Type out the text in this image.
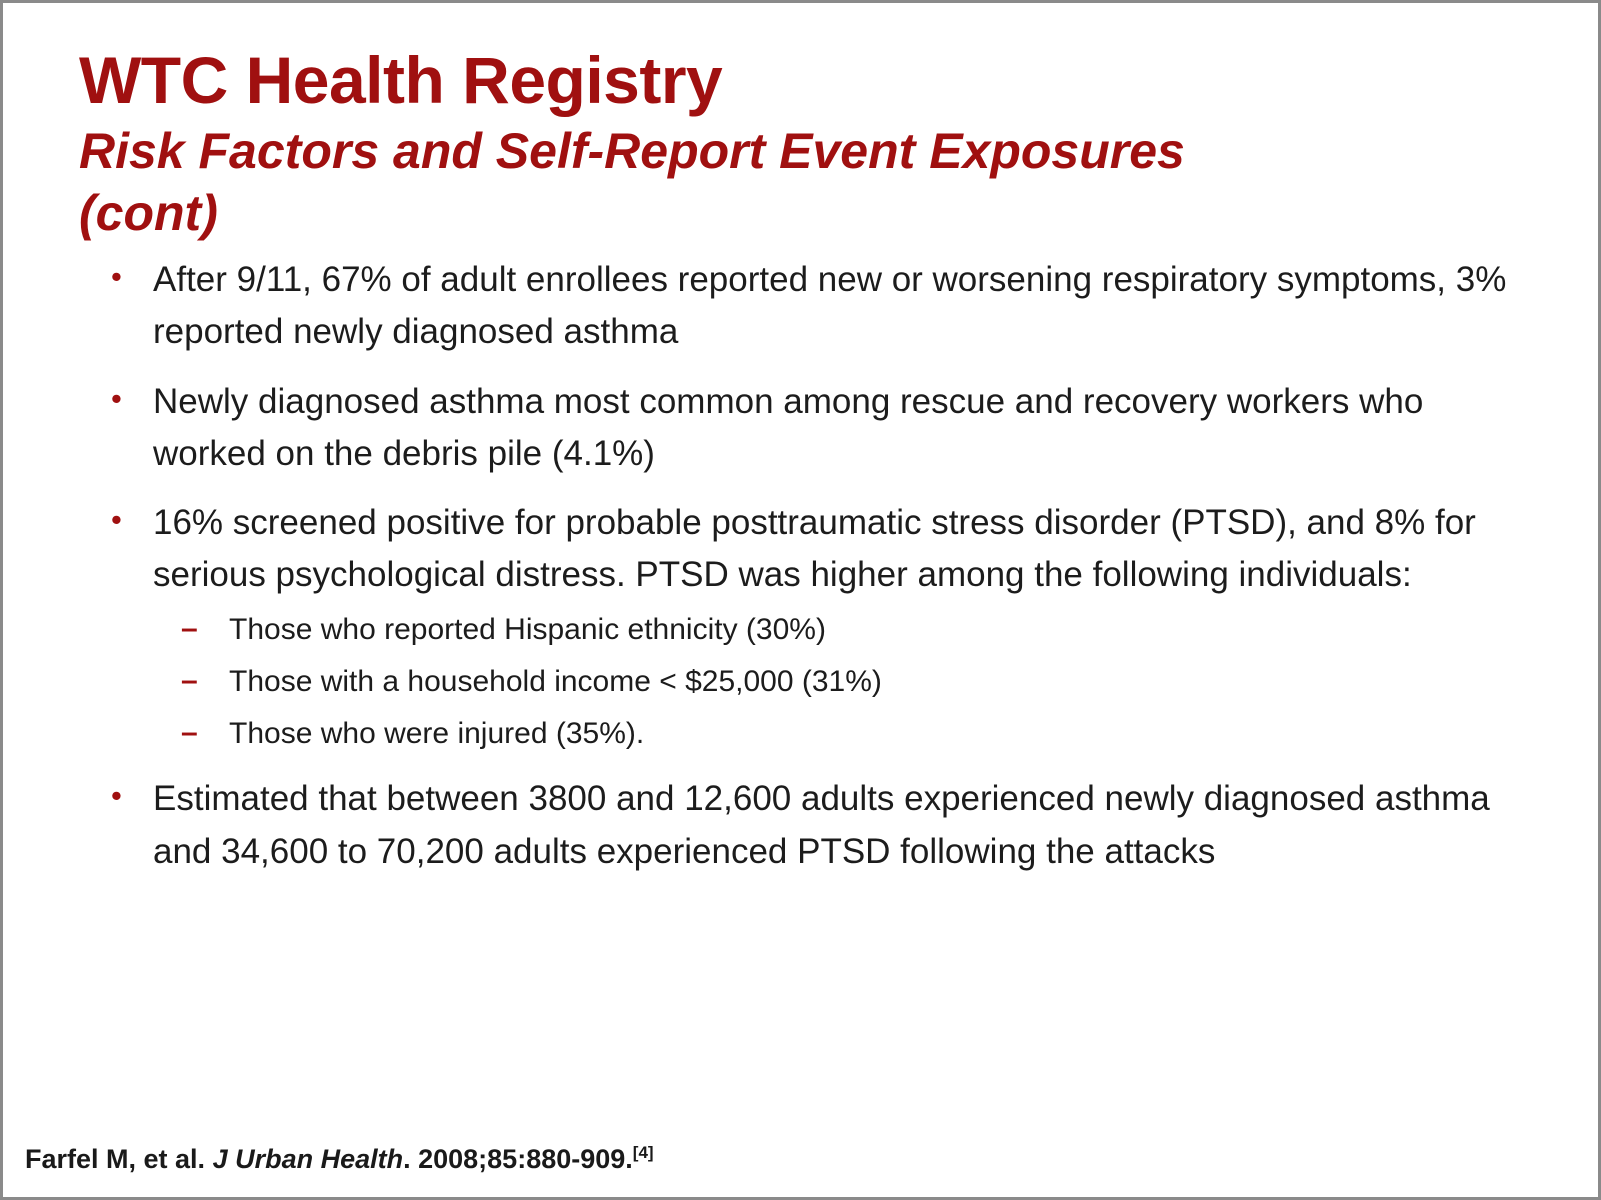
WTC Health Registry
Risk Factors and Self-Report Event Exposures (cont)
• After 9/11, 67% of adult enrollees reported new or worsening respiratory symptoms, 3% reported newly diagnosed asthma
• Newly diagnosed asthma most common among rescue and recovery workers who worked on the debris pile (4.1%)
• 16% screened positive for probable posttraumatic stress disorder (PTSD), and 8% for serious psychological distress. PTSD was higher among the following individuals:
– Those who reported Hispanic ethnicity (30%)
– Those with a household income < $25,000 (31%)
– Those who were injured (35%).
• Estimated that between 3800 and 12,600 adults experienced newly diagnosed asthma and 34,600 to 70,200 adults experienced PTSD following the attacks
Farfel M, et al. J Urban Health. 2008;85:880-909.[4]
